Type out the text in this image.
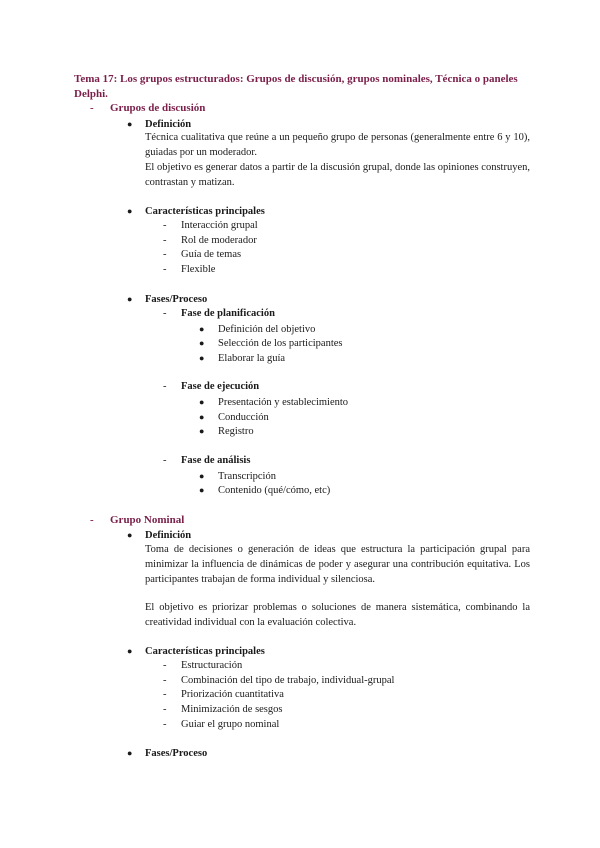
Tema 17: Los grupos estructurados: Grupos de discusión, grupos nominales, Técnica o paneles Delphi.
- Grupos de discusión
● Definición
Técnica cualitativa que reúne a un pequeño grupo de personas (generalmente entre 6 y 10), guiadas por un moderador.
El objetivo es generar datos a partir de la discusión grupal, donde las opiniones construyen, contrastan y matizan.
● Características principales
- Interacción grupal
- Rol de moderador
- Guía de temas
- Flexible
● Fases/Proceso
- Fase de planificación
● Definición del objetivo
● Selección de los participantes
● Elaborar la guía
- Fase de ejecución
● Presentación y establecimiento
● Conducción
● Registro
- Fase de análisis
● Transcripción
● Contenido (qué/cómo, etc)
- Grupo Nominal
● Definición
Toma de decisiones o generación de ideas que estructura la participación grupal para minimizar la influencia de dinámicas de poder y asegurar una contribución equitativa. Los participantes trabajan de forma individual y silenciosa.
El objetivo es priorizar problemas o soluciones de manera sistemática, combinando la creatividad individual con la evaluación colectiva.
● Características principales
- Estructuración
- Combinación del tipo de trabajo, individual-grupal
- Priorización cuantitativa
- Minimización de sesgos
- Guiar el grupo nominal
● Fases/Proceso
